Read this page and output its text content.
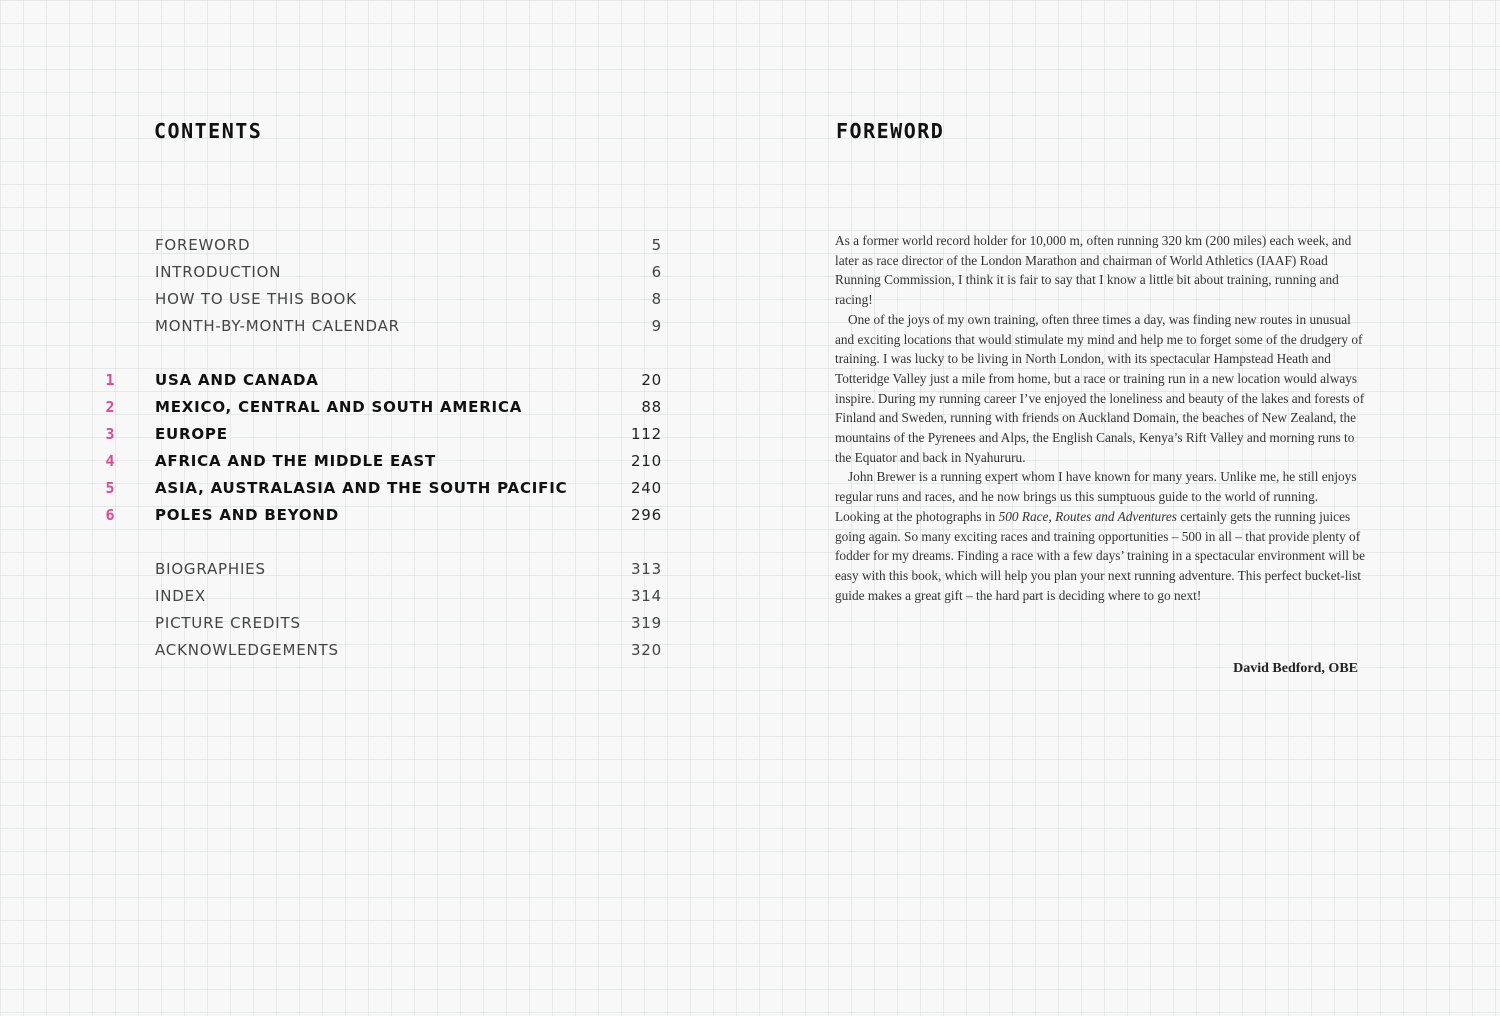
CONTENTS
FOREWORD	5
INTRODUCTION	6
HOW TO USE THIS BOOK	8
MONTH-BY-MONTH CALENDAR	9
1	USA AND CANADA	20
2	MEXICO, CENTRAL AND SOUTH AMERICA	88
3	EUROPE	112
4	AFRICA AND THE MIDDLE EAST	210
5	ASIA, AUSTRALASIA AND THE SOUTH PACIFIC	240
6	POLES AND BEYOND	296
BIOGRAPHIES	313
INDEX	314
PICTURE CREDITS	319
ACKNOWLEDGEMENTS	320
FOREWORD

As a former world record holder for 10,000 m, often running 320 km (200 miles) each week, and later as race director of the London Marathon and chairman of World Athletics (IAAF) Road Running Commission, I think it is fair to say that I know a little bit about training, running and racing!

One of the joys of my own training, often three times a day, was finding new routes in unusual and exciting locations that would stimulate my mind and help me to forget some of the drudgery of training. I was lucky to be living in North London, with its spectacular Hampstead Heath and Totteridge Valley just a mile from home, but a race or training run in a new location would always inspire. During my running career I’ve enjoyed the loneliness and beauty of the lakes and forests of Finland and Sweden, running with friends on Auckland Domain, the beaches of New Zealand, the mountains of the Pyrenees and Alps, the English Canals, Kenya’s Rift Valley and morning runs to the Equator and back in Nyahururu.

John Brewer is a running expert whom I have known for many years. Unlike me, he still enjoys regular runs and races, and he now brings us this sumptuous guide to the world of running. Looking at the photographs in 500 Race, Routes and Adventures certainly gets the running juices going again. So many exciting races and training opportunities – 500 in all – that provide plenty of fodder for my dreams. Finding a race with a few days’ training in a spectacular environment will be easy with this book, which will help you plan your next running adventure. This perfect bucket-list guide makes a great gift – the hard part is deciding where to go next!

David Bedford, OBE
